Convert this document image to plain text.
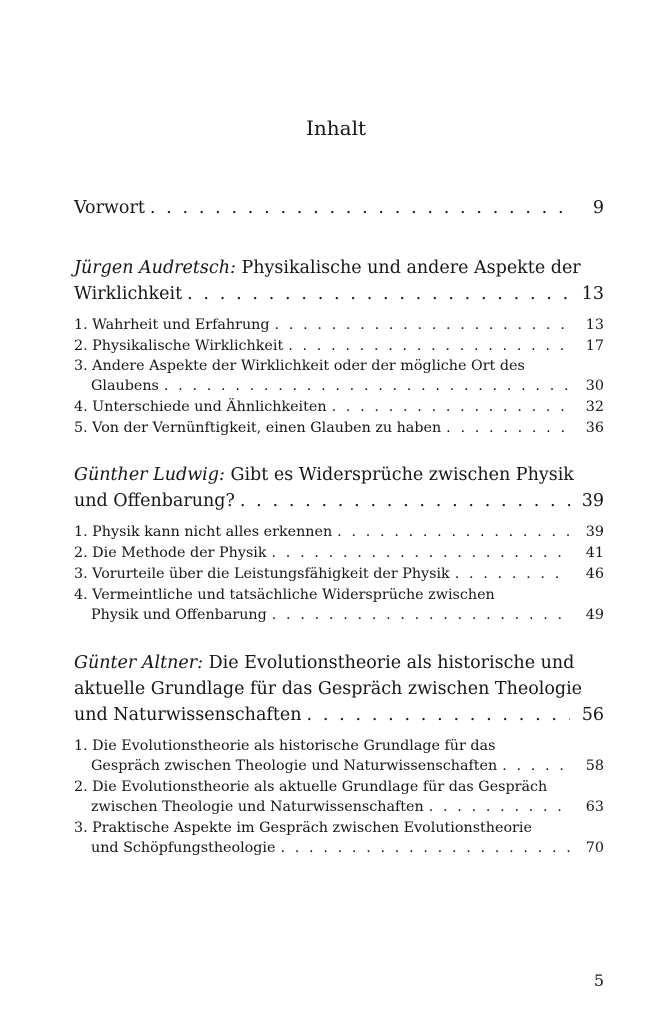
Inhalt
Vorwort . . .	9
Jürgen Audretsch: Physikalische und andere Aspekte der
Wirklichkeit . . .	13
1. Wahrheit und Erfahrung . . .	13
2. Physikalische Wirklichkeit . . .	17
3. Andere Aspekte der Wirklichkeit oder der mögliche Ort des
Glaubens . . .	30
4. Unterschiede und Ähnlichkeiten . . .	32
5. Von der Vernünftigkeit, einen Glauben zu haben . . .	36
Günther Ludwig: Gibt es Widersprüche zwischen Physik
und Offenbarung? . . .	39
1. Physik kann nicht alles erkennen . . .	39
2. Die Methode der Physik . . .	41
3. Vorurteile über die Leistungsfähigkeit der Physik . . .	46
4. Vermeintliche und tatsächliche Widersprüche zwischen
Physik und Offenbarung . . .	49
Günter Altner: Die Evolutionstheorie als historische und
aktuelle Grundlage für das Gespräch zwischen Theologie
und Naturwissenschaften . . .	56
1. Die Evolutionstheorie als historische Grundlage für das
Gespräch zwischen Theologie und Naturwissenschaften . . .	58
2. Die Evolutionstheorie als aktuelle Grundlage für das Gespräch
zwischen Theologie und Naturwissenschaften . . .	63
3. Praktische Aspekte im Gespräch zwischen Evolutionstheorie
und Schöpfungstheologie . . .	70
5
